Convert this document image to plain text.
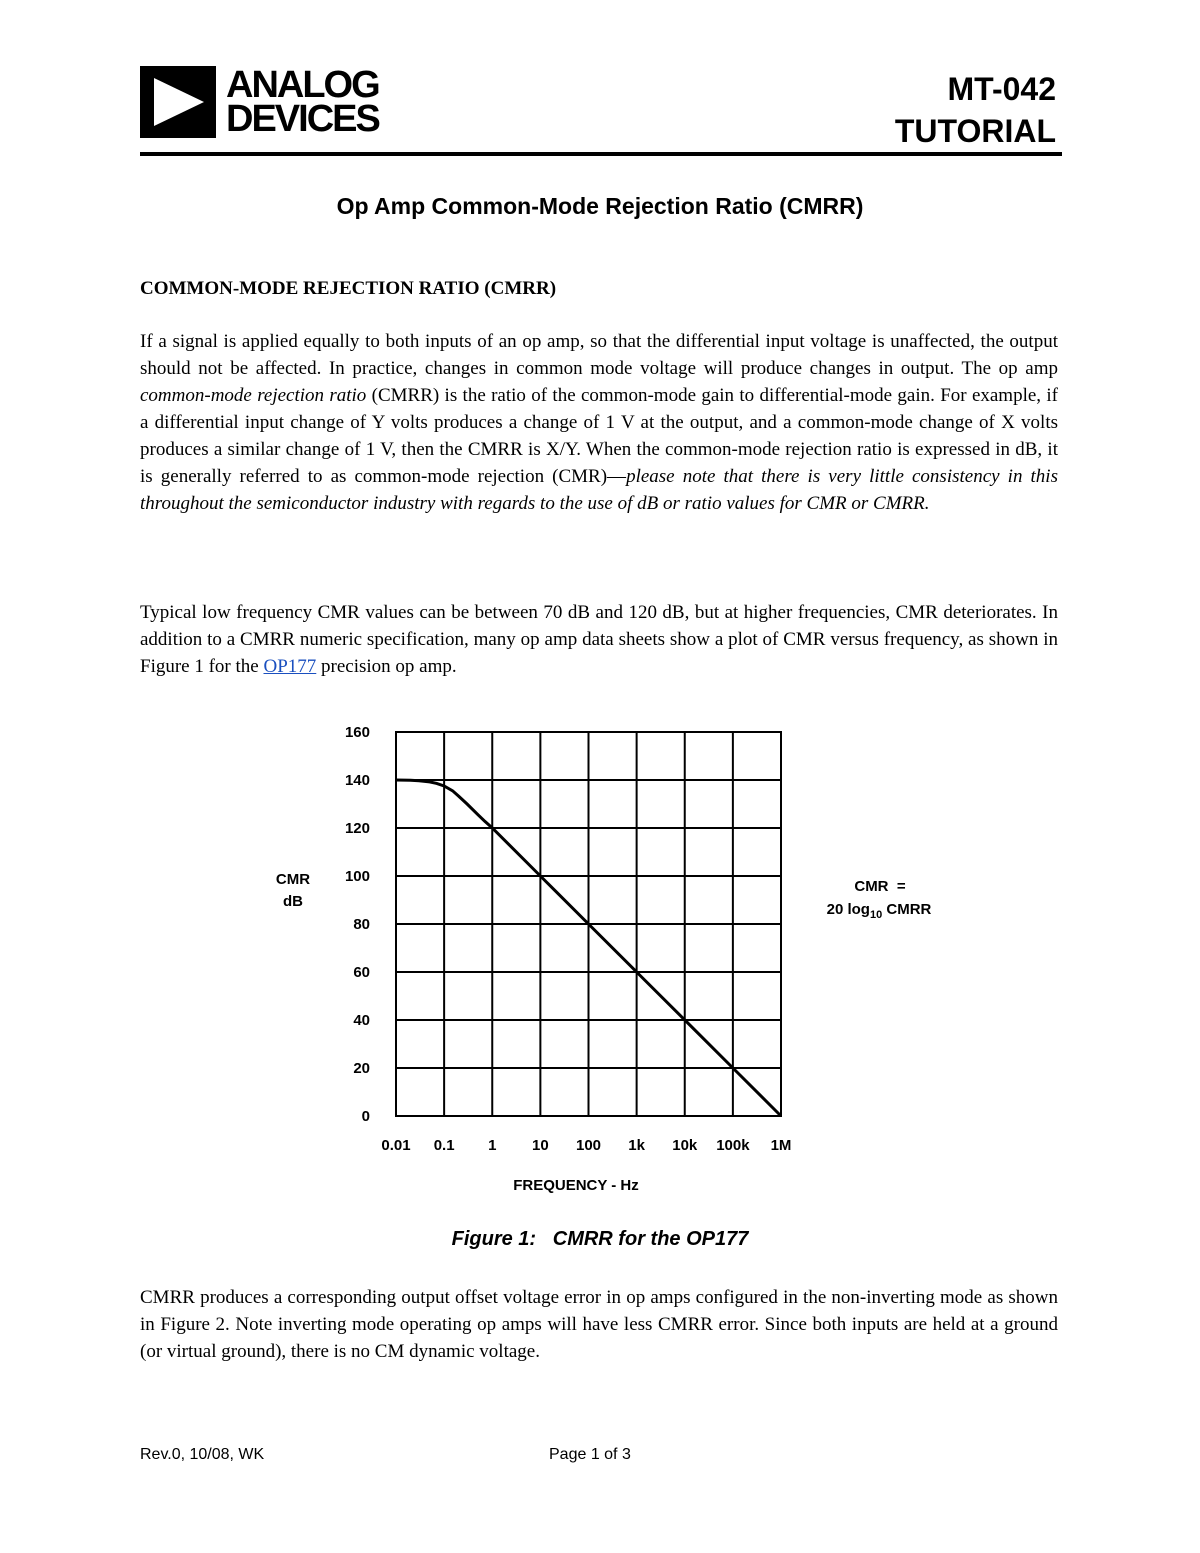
ANALOG
DEVICES
MT-042
TUTORIAL
Op Amp Common-Mode Rejection Ratio (CMRR)
COMMON-MODE REJECTION RATIO (CMRR)

If a signal is applied equally to both inputs of an op amp, so that the differential input voltage is unaffected, the output should not be affected. In practice, changes in common mode voltage will produce changes in output. The op amp common-mode rejection ratio (CMRR) is the ratio of the common-mode gain to differential-mode gain. For example, if a differential input change of Y volts produces a change of 1 V at the output, and a common-mode change of X volts produces a similar change of 1 V, then the CMRR is X/Y. When the common-mode rejection ratio is expressed in dB, it is generally referred to as common-mode rejection (CMR)—please note that there is very little consistency in this throughout the semiconductor industry with regards to the use of dB or ratio values for CMR or CMRR.

Typical low frequency CMR values can be between 70 dB and 120 dB, but at higher frequencies, CMR deteriorates. In addition to a CMRR numeric specification, many op amp data sheets show a plot of CMR versus frequency, as shown in Figure 1 for the OP177 precision op amp.

0
20
40
60
80
100
120
140
160
0.01 0.1 1 10 100 1k 10k 100k 1M
CMR
dB
FREQUENCY - Hz
CMR  =
20 $\log_{10}$ CMRR
Figure 1:   CMRR for the OP177

CMRR produces a corresponding output offset voltage error in op amps configured in the non-inverting mode as shown in Figure 2. Note inverting mode operating op amps will have less CMRR error. Since both inputs are held at a ground (or virtual ground), there is no CM dynamic voltage.

Rev.0, 10/08, WK	Page 1 of 3
